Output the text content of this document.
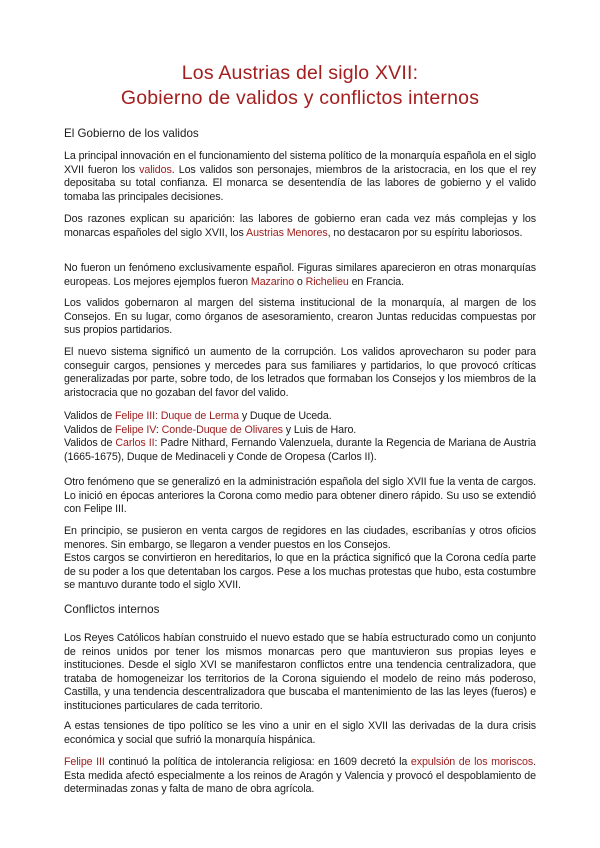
Los Austrias del siglo XVII:
Gobierno de validos y conflictos internos
El Gobierno de los validos

La principal innovación en el funcionamiento del sistema político de la monarquía española en el siglo XVII fueron los validos. Los validos son personajes, miembros de la aristocracia, en los que el rey depositaba su total confianza. El monarca se desentendía de las labores de gobierno y el valido tomaba las principales decisiones.

Dos razones explican su aparición: las labores de gobierno eran cada vez más complejas y los monarcas españoles del siglo XVII, los Austrias Menores, no destacaron por su espíritu laboriosos.

No fueron un fenómeno exclusivamente español. Figuras similares aparecieron en otras monarquías europeas. Los mejores ejemplos fueron Mazarino o Richelieu en Francia.

Los validos gobernaron al margen del sistema institucional de la monarquía, al margen de los Consejos. En su lugar, como órganos de asesoramiento, crearon Juntas reducidas compuestas por sus propios partidarios.

El nuevo sistema significó un aumento de la corrupción. Los validos aprovecharon su poder para conseguir cargos, pensiones y mercedes para sus familiares y partidarios, lo que provocó críticas generalizadas por parte, sobre todo, de los letrados que formaban los Consejos y los miembros de la aristocracia que no gozaban del favor del valido.

Validos de Felipe III: Duque de Lerma y Duque de Uceda.
Validos de Felipe IV: Conde-Duque de Olivares y Luis de Haro.
Validos de Carlos II: Padre Nithard, Fernando Valenzuela, durante la Regencia de Mariana de Austria (1665-1675), Duque de Medinaceli y Conde de Oropesa (Carlos II).

Otro fenómeno que se generalizó en la administración española del siglo XVII fue la venta de cargos. Lo inició en épocas anteriores la Corona como medio para obtener dinero rápido. Su uso se extendió con Felipe III.

En principio, se pusieron en venta cargos de regidores en las ciudades, escribanías y otros oficios menores. Sin embargo, se llegaron a vender puestos en los Consejos.
Estos cargos se convirtieron en hereditarios, lo que en la práctica significó que la Corona cedía parte de su poder a los que detentaban los cargos. Pese a los muchas protestas que hubo, esta costumbre se mantuvo durante todo el siglo XVII.
Conflictos internos

Los Reyes Católicos habían construido el nuevo estado que se había estructurado como un conjunto de reinos unidos por tener los mismos monarcas pero que mantuvieron sus propias leyes e instituciones. Desde el siglo XVI se manifestaron conflictos entre una tendencia centralizadora, que trataba de homogeneizar los territorios de la Corona siguiendo el modelo de reino más poderoso, Castilla, y una tendencia descentralizadora que buscaba el mantenimiento de las las leyes (fueros) e instituciones particulares de cada territorio.

A estas tensiones de tipo político se les vino a unir en el siglo XVII las derivadas de la dura crisis económica y social que sufrió la monarquía hispánica.

Felipe III continuó la política de intolerancia religiosa: en 1609 decretó la expulsión de los moriscos. Esta medida afectó especialmente a los reinos de Aragón y Valencia y provocó el despoblamiento de determinadas zonas y falta de mano de obra agrícola.
